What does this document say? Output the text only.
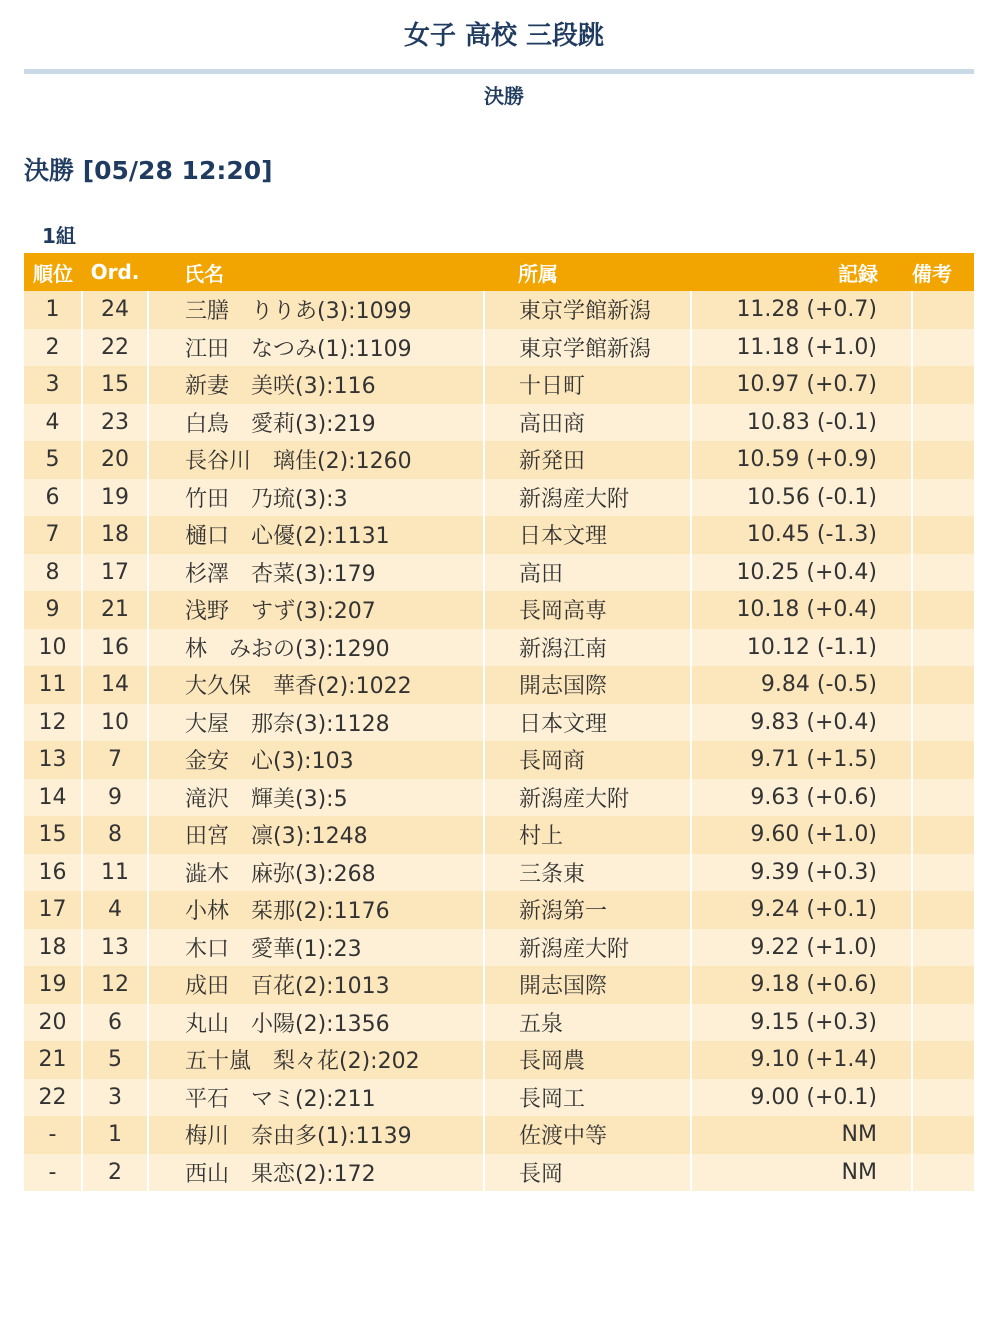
女子 高校 三段跳
決勝
決勝 [05/28 12:20]
1組
順位	Ord.	氏名	所属	記録	備考
1	24	三膳　りりあ(3):1099	東京学館新潟	11.28 (+0.7)	
2	22	江田　なつみ(1):1109	東京学館新潟	11.18 (+1.0)	
3	15	新妻　美咲(3):116	十日町	10.97 (+0.7)	
4	23	白鳥　愛莉(3):219	高田商	10.83 (-0.1)	
5	20	長谷川　璃佳(2):1260	新発田	10.59 (+0.9)	
6	19	竹田　乃琉(3):3	新潟産大附	10.56 (-0.1)	
7	18	樋口　心優(2):1131	日本文理	10.45 (-1.3)	
8	17	杉澤　杏菜(3):179	高田	10.25 (+0.4)	
9	21	浅野　すず(3):207	長岡高専	10.18 (+0.4)	
10	16	林　みおの(3):1290	新潟江南	10.12 (-1.1)	
11	14	大久保　華香(2):1022	開志国際	9.84 (-0.5)	
12	10	大屋　那奈(3):1128	日本文理	9.83 (+0.4)	
13	7	金安　心(3):103	長岡商	9.71 (+1.5)	
14	9	滝沢　輝美(3):5	新潟産大附	9.63 (+0.6)	
15	8	田宮　凛(3):1248	村上	9.60 (+1.0)	
16	11	澁木　麻弥(3):268	三条東	9.39 (+0.3)	
17	4	小林　栞那(2):1176	新潟第一	9.24 (+0.1)	
18	13	木口　愛華(1):23	新潟産大附	9.22 (+1.0)	
19	12	成田　百花(2):1013	開志国際	9.18 (+0.6)	
20	6	丸山　小陽(2):1356	五泉	9.15 (+0.3)	
21	5	五十嵐　梨々花(2):202	長岡農	9.10 (+1.4)	
22	3	平石　マミ(2):211	長岡工	9.00 (+0.1)	
-	1	梅川　奈由多(1):1139	佐渡中等	NM	
-	2	西山　果恋(2):172	長岡	NM	
